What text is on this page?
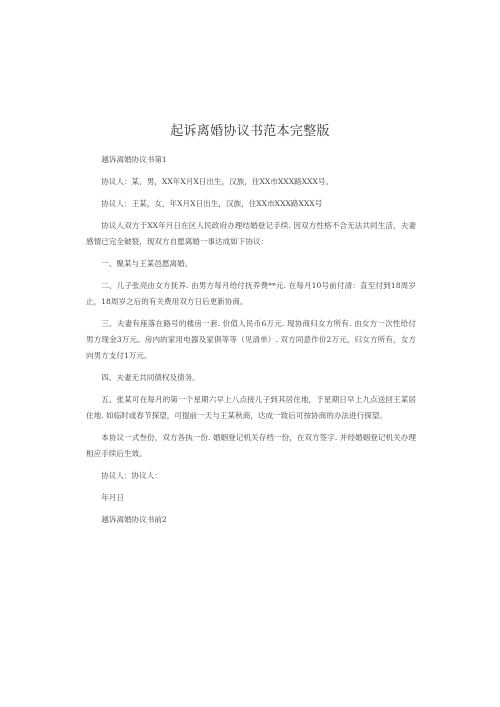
起诉离婚协议书范本完整版

越诉离婚协议书第1

协议人：某，男，XX年X月X日出生，汉族，住XX市XXX路XXX号。

协议人：王某，女，年X月X日出生，汉族，住XX市XXX路XXX号

协议人双方于XX年月日在区人民政府办理结婚登记手续. 因双方性格不合无法共同生活，夫妻感情已完全破裂，现双方自愿离婚一事达成如下协议：

一、聚某与王某邑愿离婚。

二、儿子张亮由女方抚养. 由男方每月给付抚养费**元. 在每月10号前付清：直至付到18周岁止，18周岁之后的有关费用双方日后更新协商。

三、夫妻有座落在路号的楼房一套. 价值人民币6万元. 现协商归女方所有. 由女方一次性给付男方现金3万元。房内的家用电器及家俱等等（见清单）. 双方同意作价2万元，归女方所有，女方向男方支付1万元。

四、夫妻无共同债权及债务。

五、张某可在每月的第一个星期六早上八点接儿子到其居住地，于星期日早上九点送回王某居住地. 如临时或春节探望，可提前一天与王某秋商，达成一致后可按协商的办法进行探望。

本协议一式叁份，双方各执一份. 婚姻登记机关存档一份，在双方签字. 并经婚姻登记机关办理相应手续后生效。

协议人：协议人：

年月日

越诉离婚协议书前2
